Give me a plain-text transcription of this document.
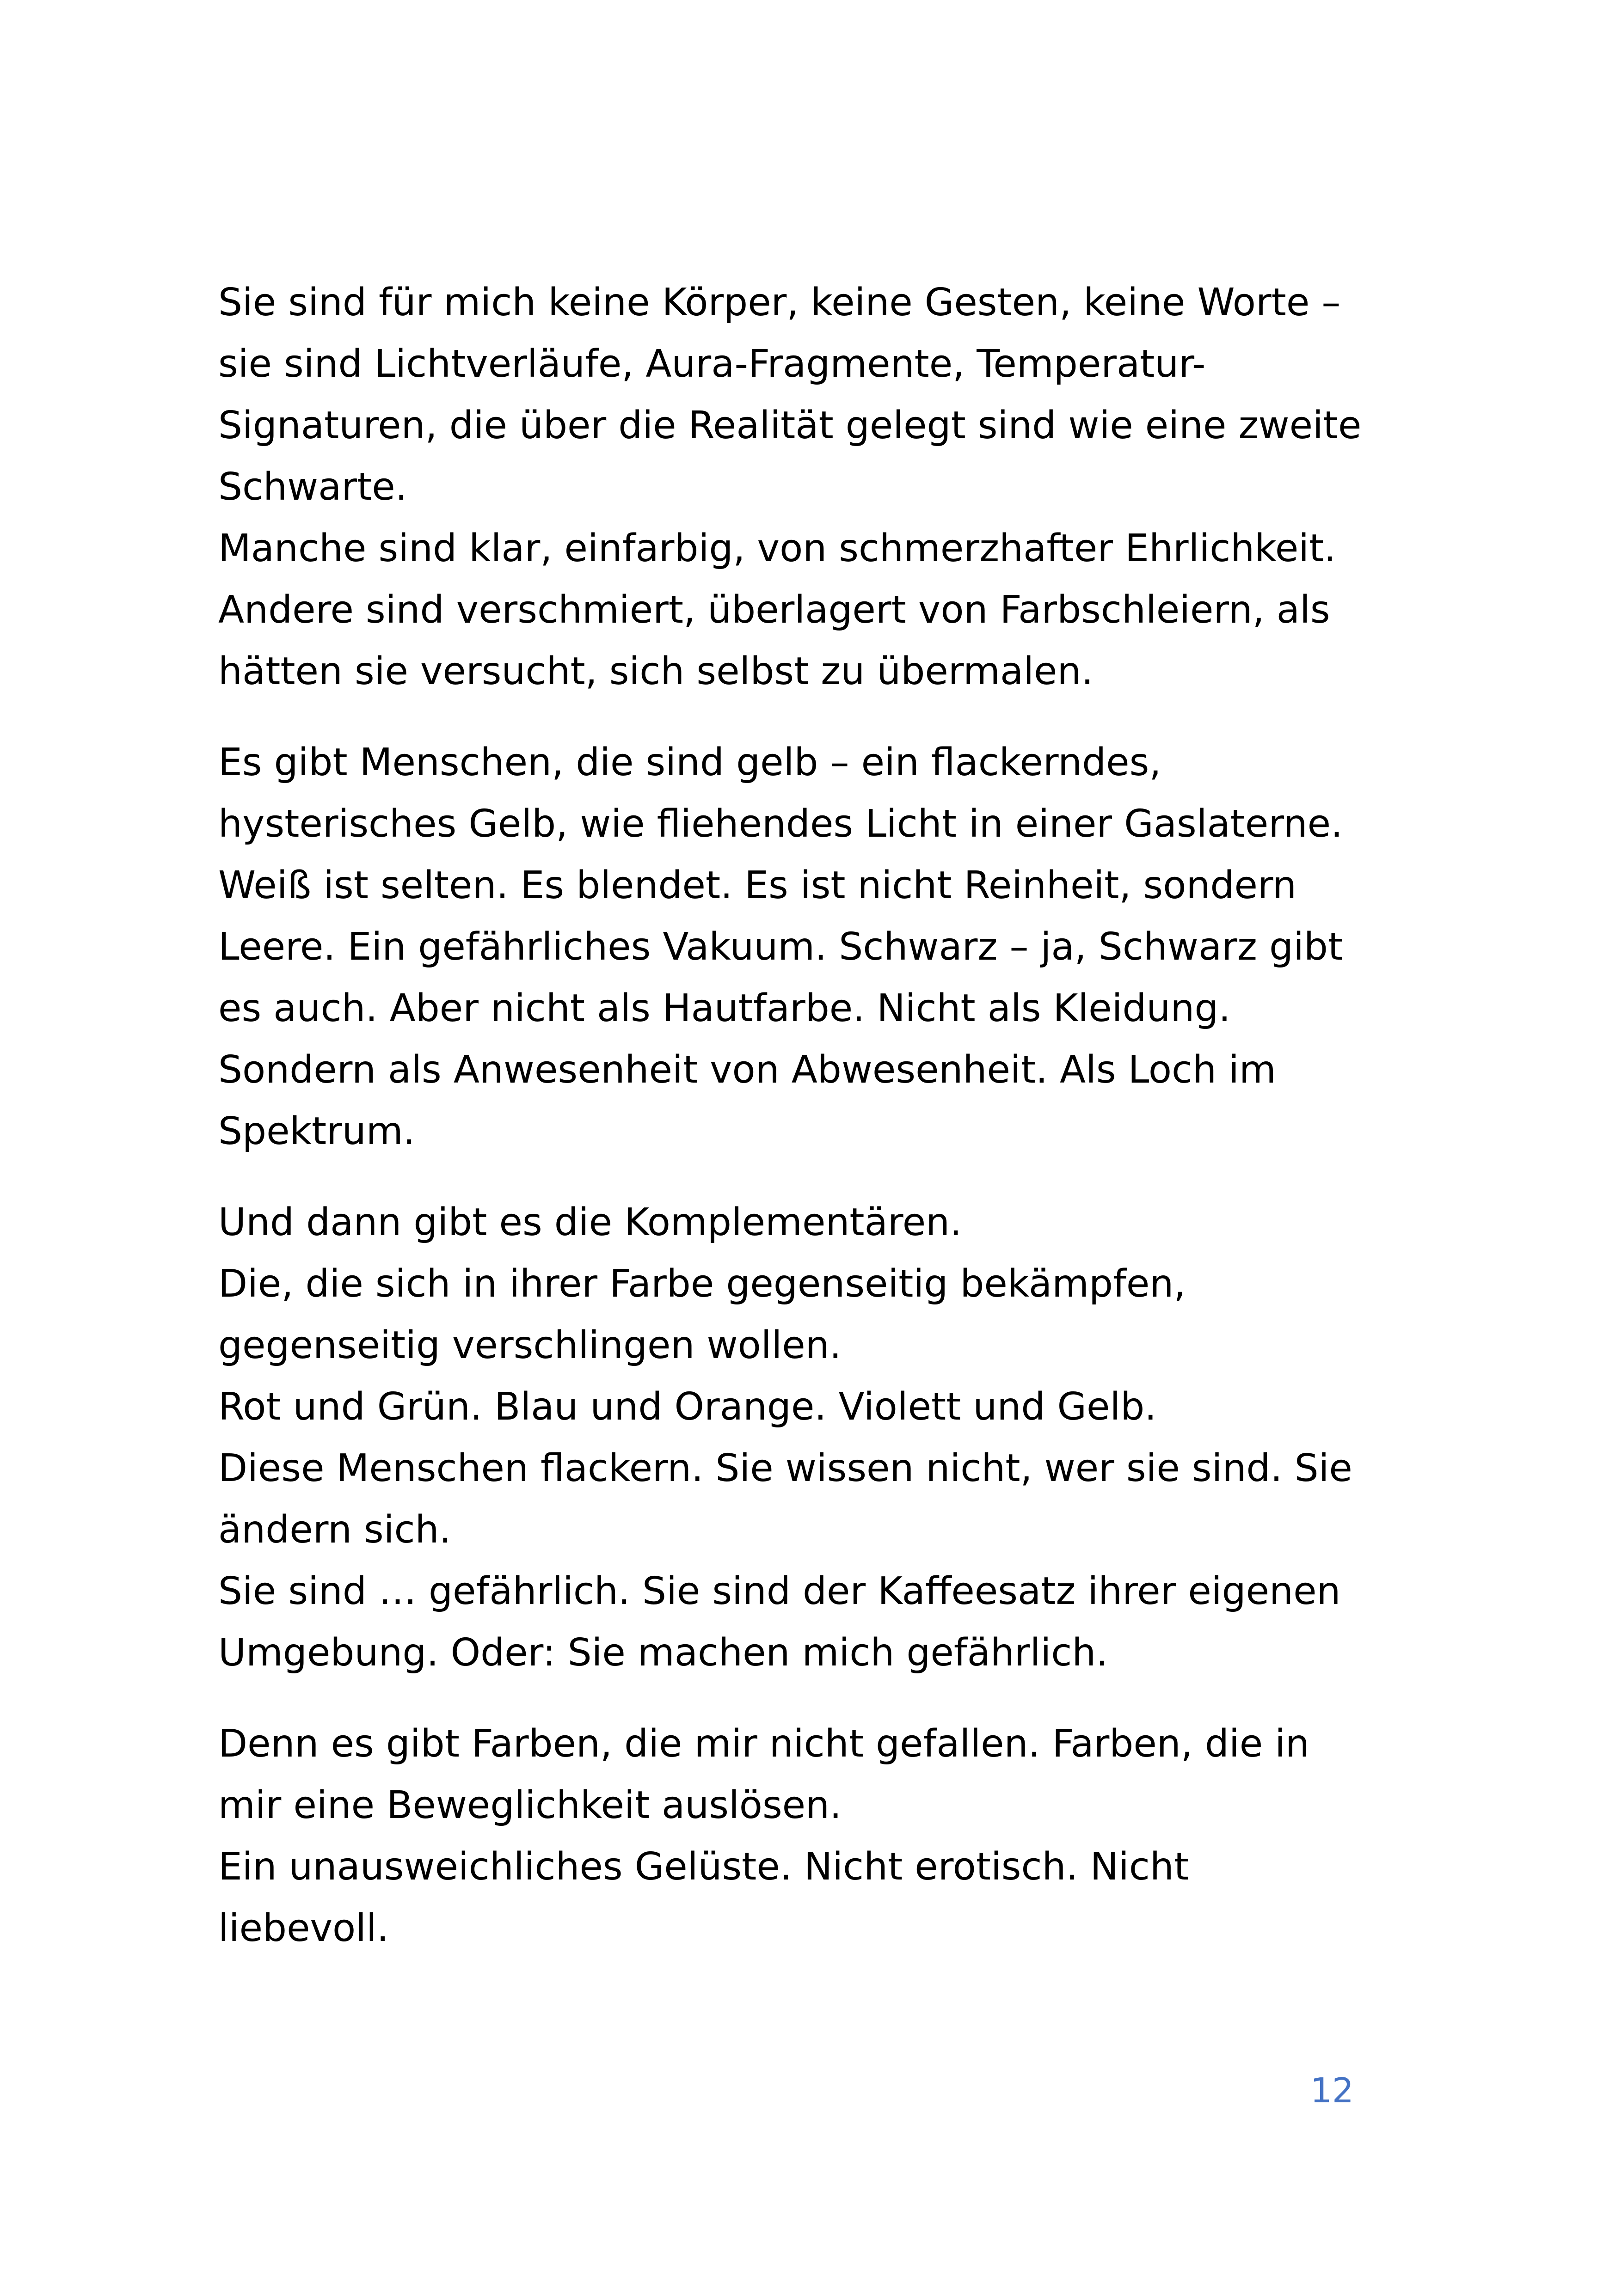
Sie sind für mich keine Körper, keine Gesten, keine Worte –
sie sind Lichtverläufe, Aura-Fragmente, Temperatur-
Signaturen, die über die Realität gelegt sind wie eine zweite
Schwarte.
Manche sind klar, einfarbig, von schmerzhafter Ehrlichkeit.
Andere sind verschmiert, überlagert von Farbschleiern, als
hätten sie versucht, sich selbst zu übermalen.

Es gibt Menschen, die sind gelb – ein flackerndes,
hysterisches Gelb, wie fliehendes Licht in einer Gaslaterne.
Weiß ist selten. Es blendet. Es ist nicht Reinheit, sondern
Leere. Ein gefährliches Vakuum. Schwarz – ja, Schwarz gibt
es auch. Aber nicht als Hautfarbe. Nicht als Kleidung.
Sondern als Anwesenheit von Abwesenheit. Als Loch im
Spektrum.

Und dann gibt es die Komplementären.
Die, die sich in ihrer Farbe gegenseitig bekämpfen,
gegenseitig verschlingen wollen.
Rot und Grün. Blau und Orange. Violett und Gelb.
Diese Menschen flackern. Sie wissen nicht, wer sie sind. Sie
ändern sich.
Sie sind … gefährlich. Sie sind der Kaffeesatz ihrer eigenen
Umgebung. Oder: Sie machen mich gefährlich.

Denn es gibt Farben, die mir nicht gefallen. Farben, die in
mir eine Beweglichkeit auslösen.
Ein unausweichliches Gelüste. Nicht erotisch. Nicht
liebevoll.

12
